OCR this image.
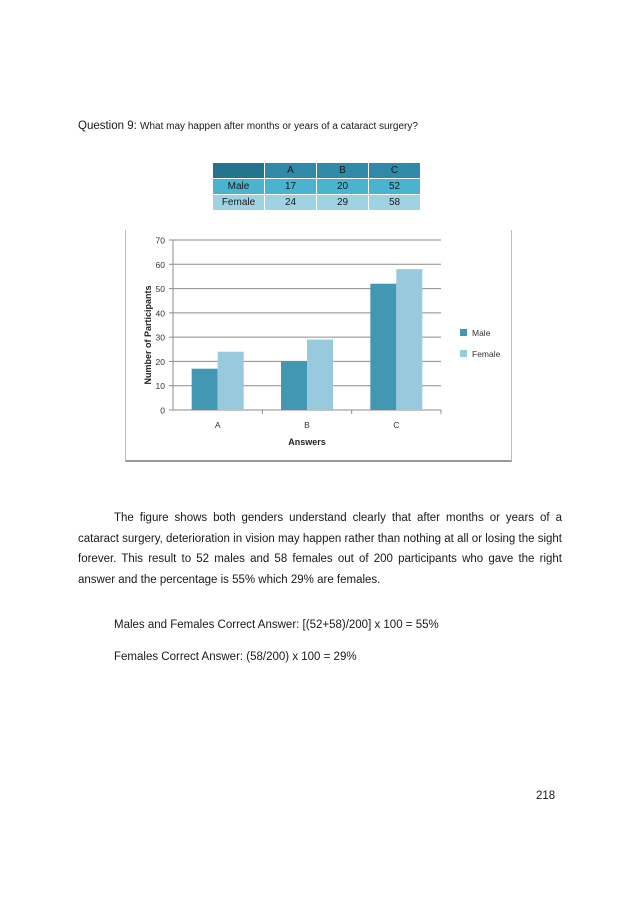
Question 9: What may happen after months or years of a cataract surgery?
	A	B	C
Male	17	20	52
Female	24	29	58
0
10
20
30
40
50
60
70
A	B	C
Answers
Number of Participants	Male
Female
The figure shows both genders understand clearly that after months or years of a cataract surgery, deterioration in vision may happen rather than nothing at all or losing the sight forever. This result to 52 males and 58 females out of 200 participants who gave the right answer and the percentage is 55% which 29% are females.
Males and Females Correct Answer: [(52+58)/200] x 100 = 55%
Females Correct Answer: (58/200) x 100 = 29%
218
